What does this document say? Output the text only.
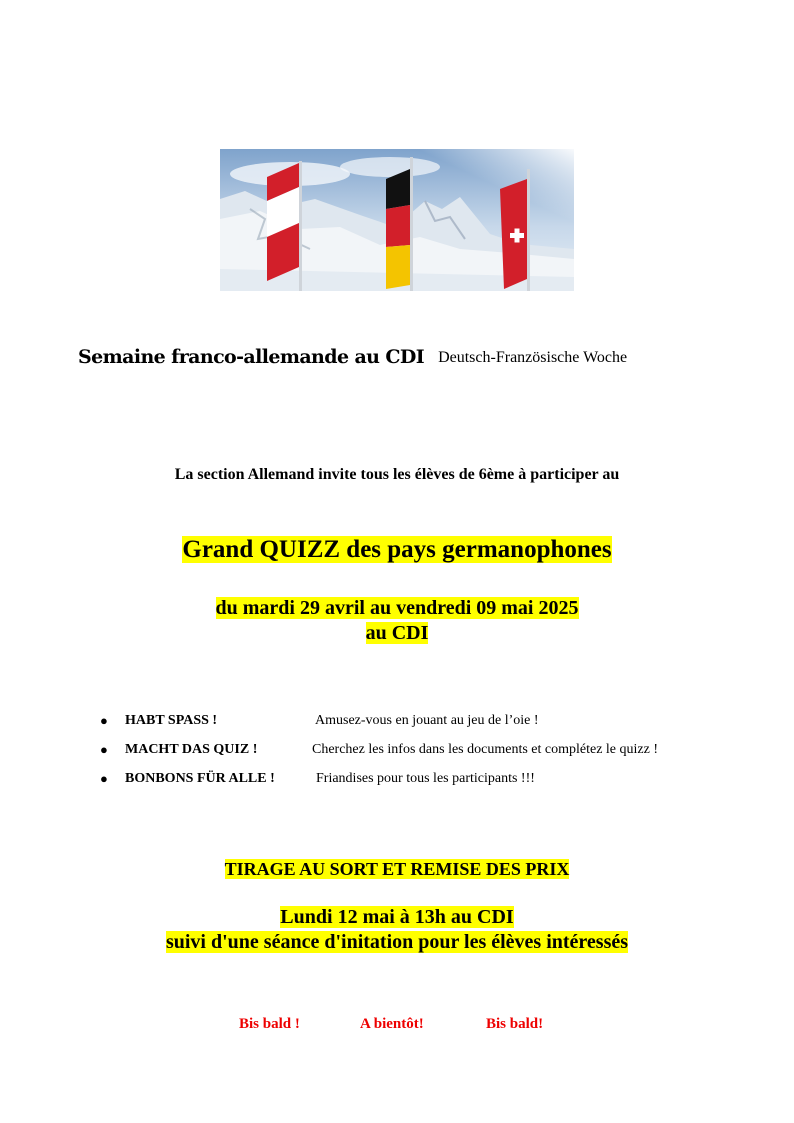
Semaine franco-allemande au CDI Deutsch-Französische Woche
La section Allemand invite tous les élèves de 6ème à participer au
Grand QUIZZ des pays germanophones
du mardi 29 avril au vendredi 09 mai 2025
au CDI
● HABT SPASS !	Amusez-vous en jouant au jeu de l’oie !
● MACHT DAS QUIZ !	Cherchez les infos dans les documents et complétez le quizz !
● BONBONS FÜR ALLE !	Friandises pour tous les participants !!!
TIRAGE AU SORT ET REMISE DES PRIX
Lundi 12 mai à 13h au CDI
suivi d'une séance d'initation pour les élèves intéressés
Bis bald !	A bientôt!	Bis bald!
